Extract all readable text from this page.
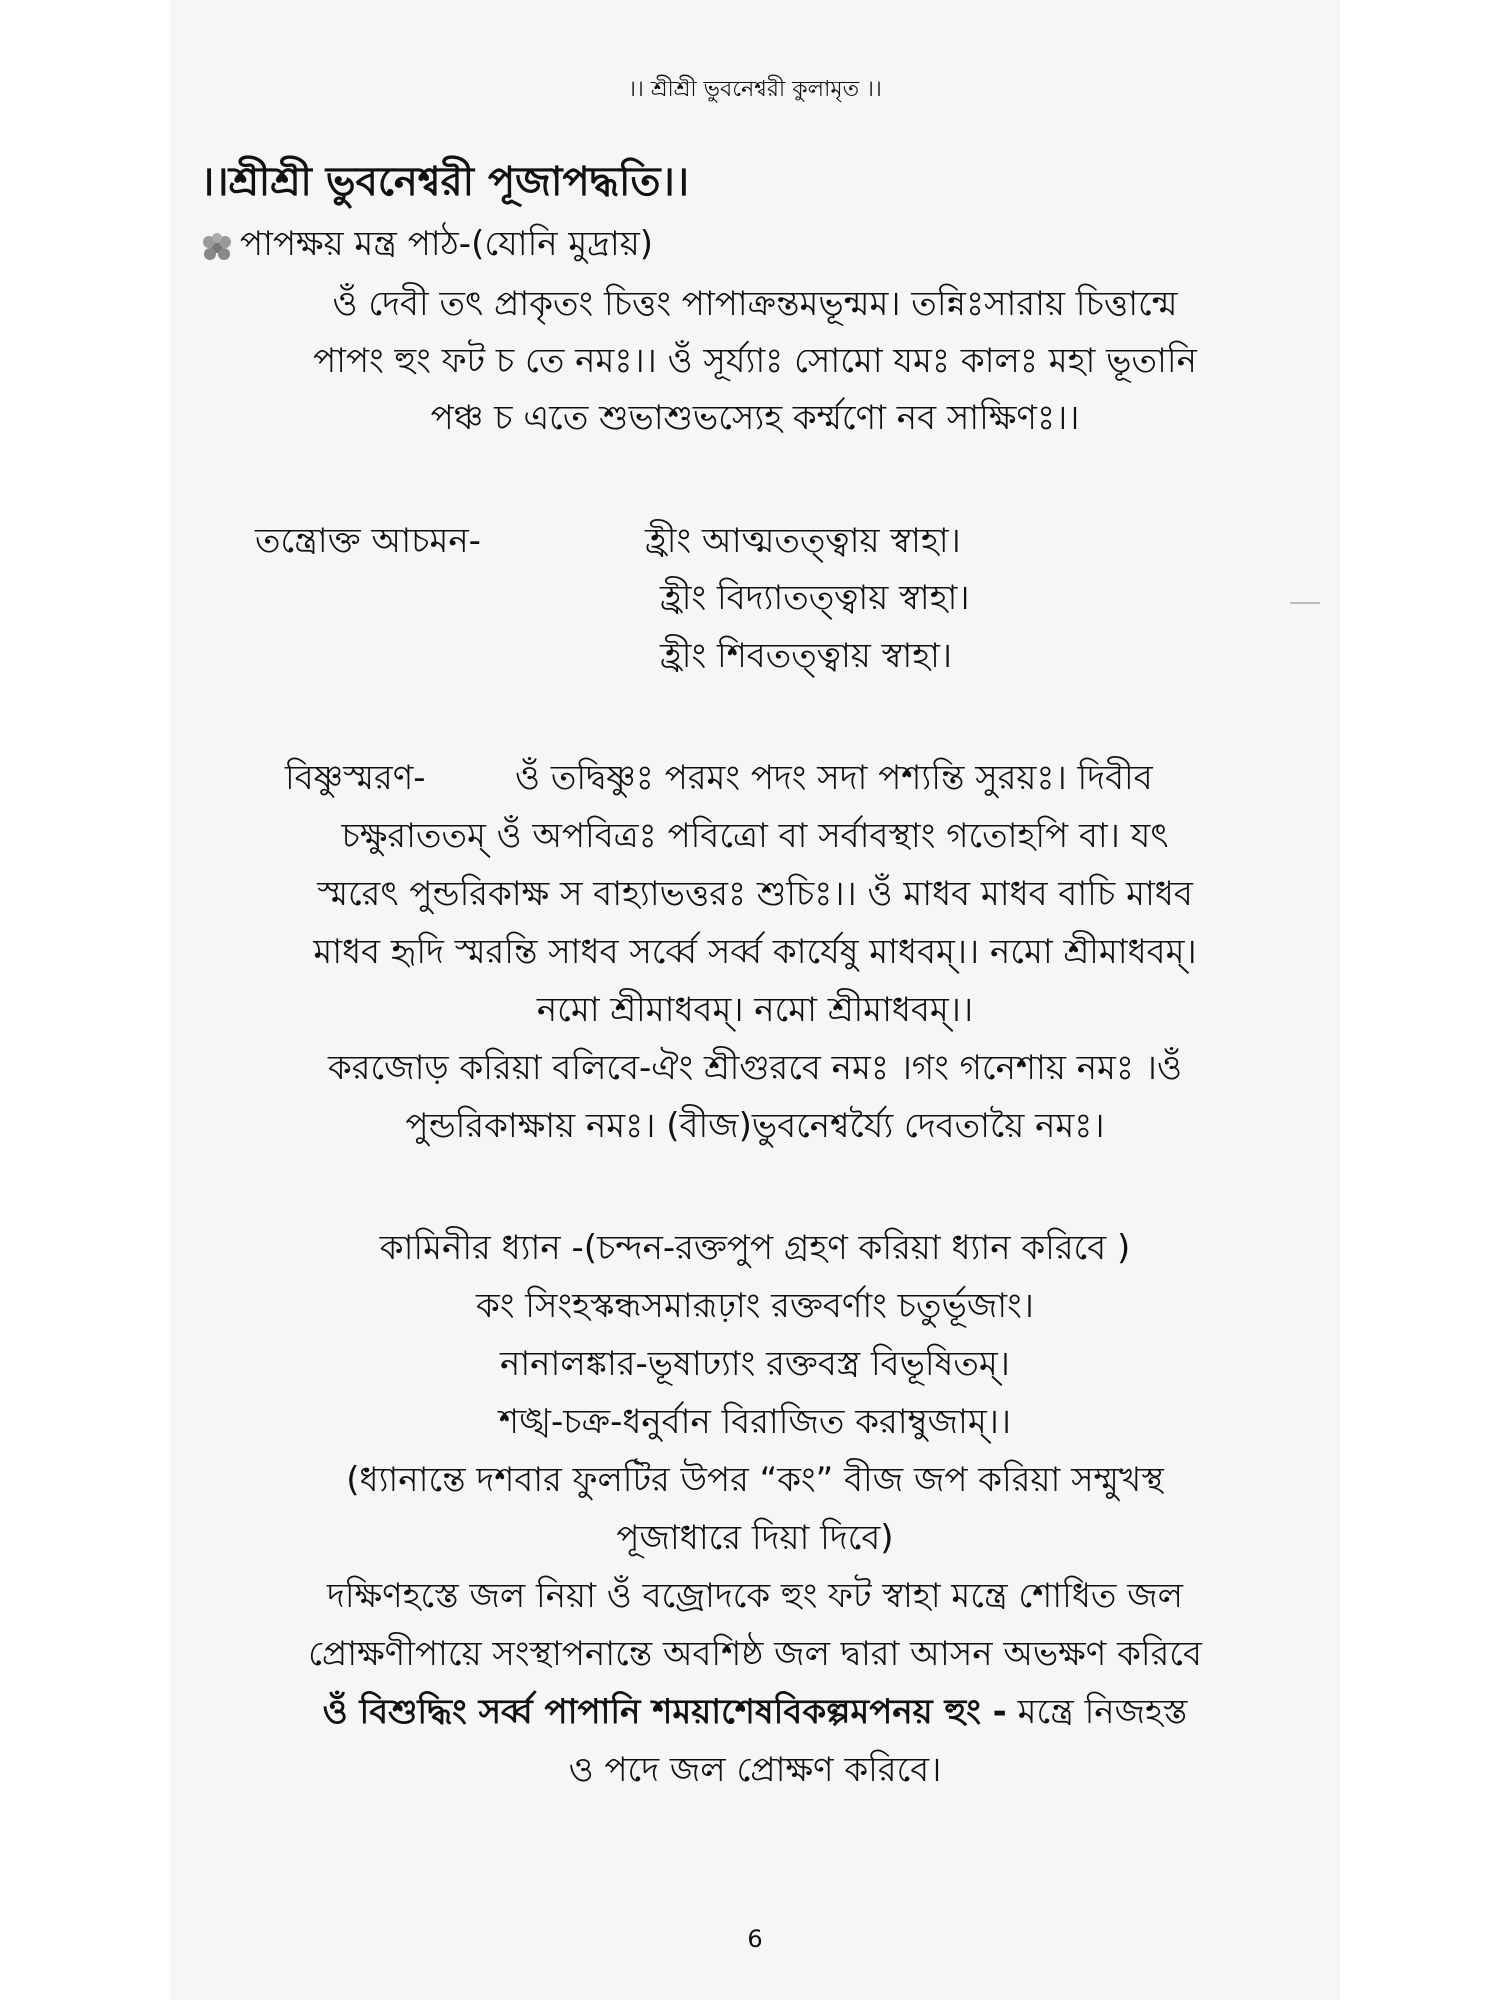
।। শ্রীশ্রী ভুবনেশ্বরী কুলামৃত ।।
।।শ্রীশ্রী ভুবনেশ্বরী পূজাপদ্ধতি।।
পাপক্ষয় মন্ত্র পাঠ-(যোনি মুদ্রায়)
ওঁ দেবী তৎ প্রাকৃতং চিত্তং পাপাক্রন্তমভূন্মম। তন্নিঃসারায় চিত্তান্মে
পাপং হুং ফট চ তে নমঃ।। ওঁ সূর্য্যাঃ সোমো যমঃ কালঃ মহা ভূতানি
পঞ্চ চ এতে শুভাশুভস্যেহ কর্ম্মণো নব সাক্ষিণঃ।।
তন্ত্রোক্ত আচমন-	হ্রীং আত্মতত্ত্বায় স্বাহা।
হ্রীং বিদ্যাতত্ত্বায় স্বাহা।
হ্রীং শিবতত্ত্বায় স্বাহা।
বিষ্ণুস্মরণ-	ওঁ তদ্বিষ্ণুঃ পরমং পদং সদা পশ্যন্তি সুরয়ঃ। দিবীব
চক্ষুরাততম্ ওঁ অপবিত্রঃ পবিত্রো বা সর্বাবস্থাং গতোহপি বা। যৎ
স্মরেৎ পুন্ডরিকাক্ষ স বাহ্যাভত্তরঃ শুচিঃ।। ওঁ মাধব মাধব বাচি মাধব
মাধব হৃদি স্মরন্তি সাধব সর্ব্বে সর্ব্ব কার্যেষু মাধবম্।। নমো শ্রীমাধবম্।
নমো শ্রীমাধবম্। নমো শ্রীমাধবম্।।
করজোড় করিয়া বলিবে-ঐং শ্রীগুরবে নমঃ ।গং গনেশায় নমঃ ।ওঁ
পুন্ডরিকাক্ষায় নমঃ। (বীজ)ভুবনেশ্বর্য্যৈ দেবতায়ৈ নমঃ।
কামিনীর ধ্যান -(চন্দন-রক্তপুপ গ্রহণ করিয়া ধ্যান করিবে )
কং সিংহস্কন্ধসমারূঢ়াং রক্তবর্ণাং চতুর্ভূজাং।
নানালঙ্কার-ভূষাঢ্যাং রক্তবস্ত্র বিভূষিতম্।
শঙ্খ-চক্র-ধনুর্বান বিরাজিত করাম্বুজাম্।।
(ধ্যানান্তে দশবার ফুলটির উপর “কং” বীজ জপ করিয়া সম্মুখস্থ
পূজাধারে দিয়া দিবে)
দক্ষিণহস্তে জল নিয়া ওঁ বজ্রোদকে হুং ফট স্বাহা মন্ত্রে শোধিত জল
প্রোক্ষণীপায়ে সংস্থাপনান্তে অবশিষ্ঠ জল দ্বারা আসন অভক্ষণ করিবে
ওঁ বিশুদ্ধিং সর্ব্ব পাপানি শময়াশেষবিকল্পমপনয় হুং - মন্ত্রে নিজহস্ত
ও পদে জল প্রোক্ষণ করিবে।
6
